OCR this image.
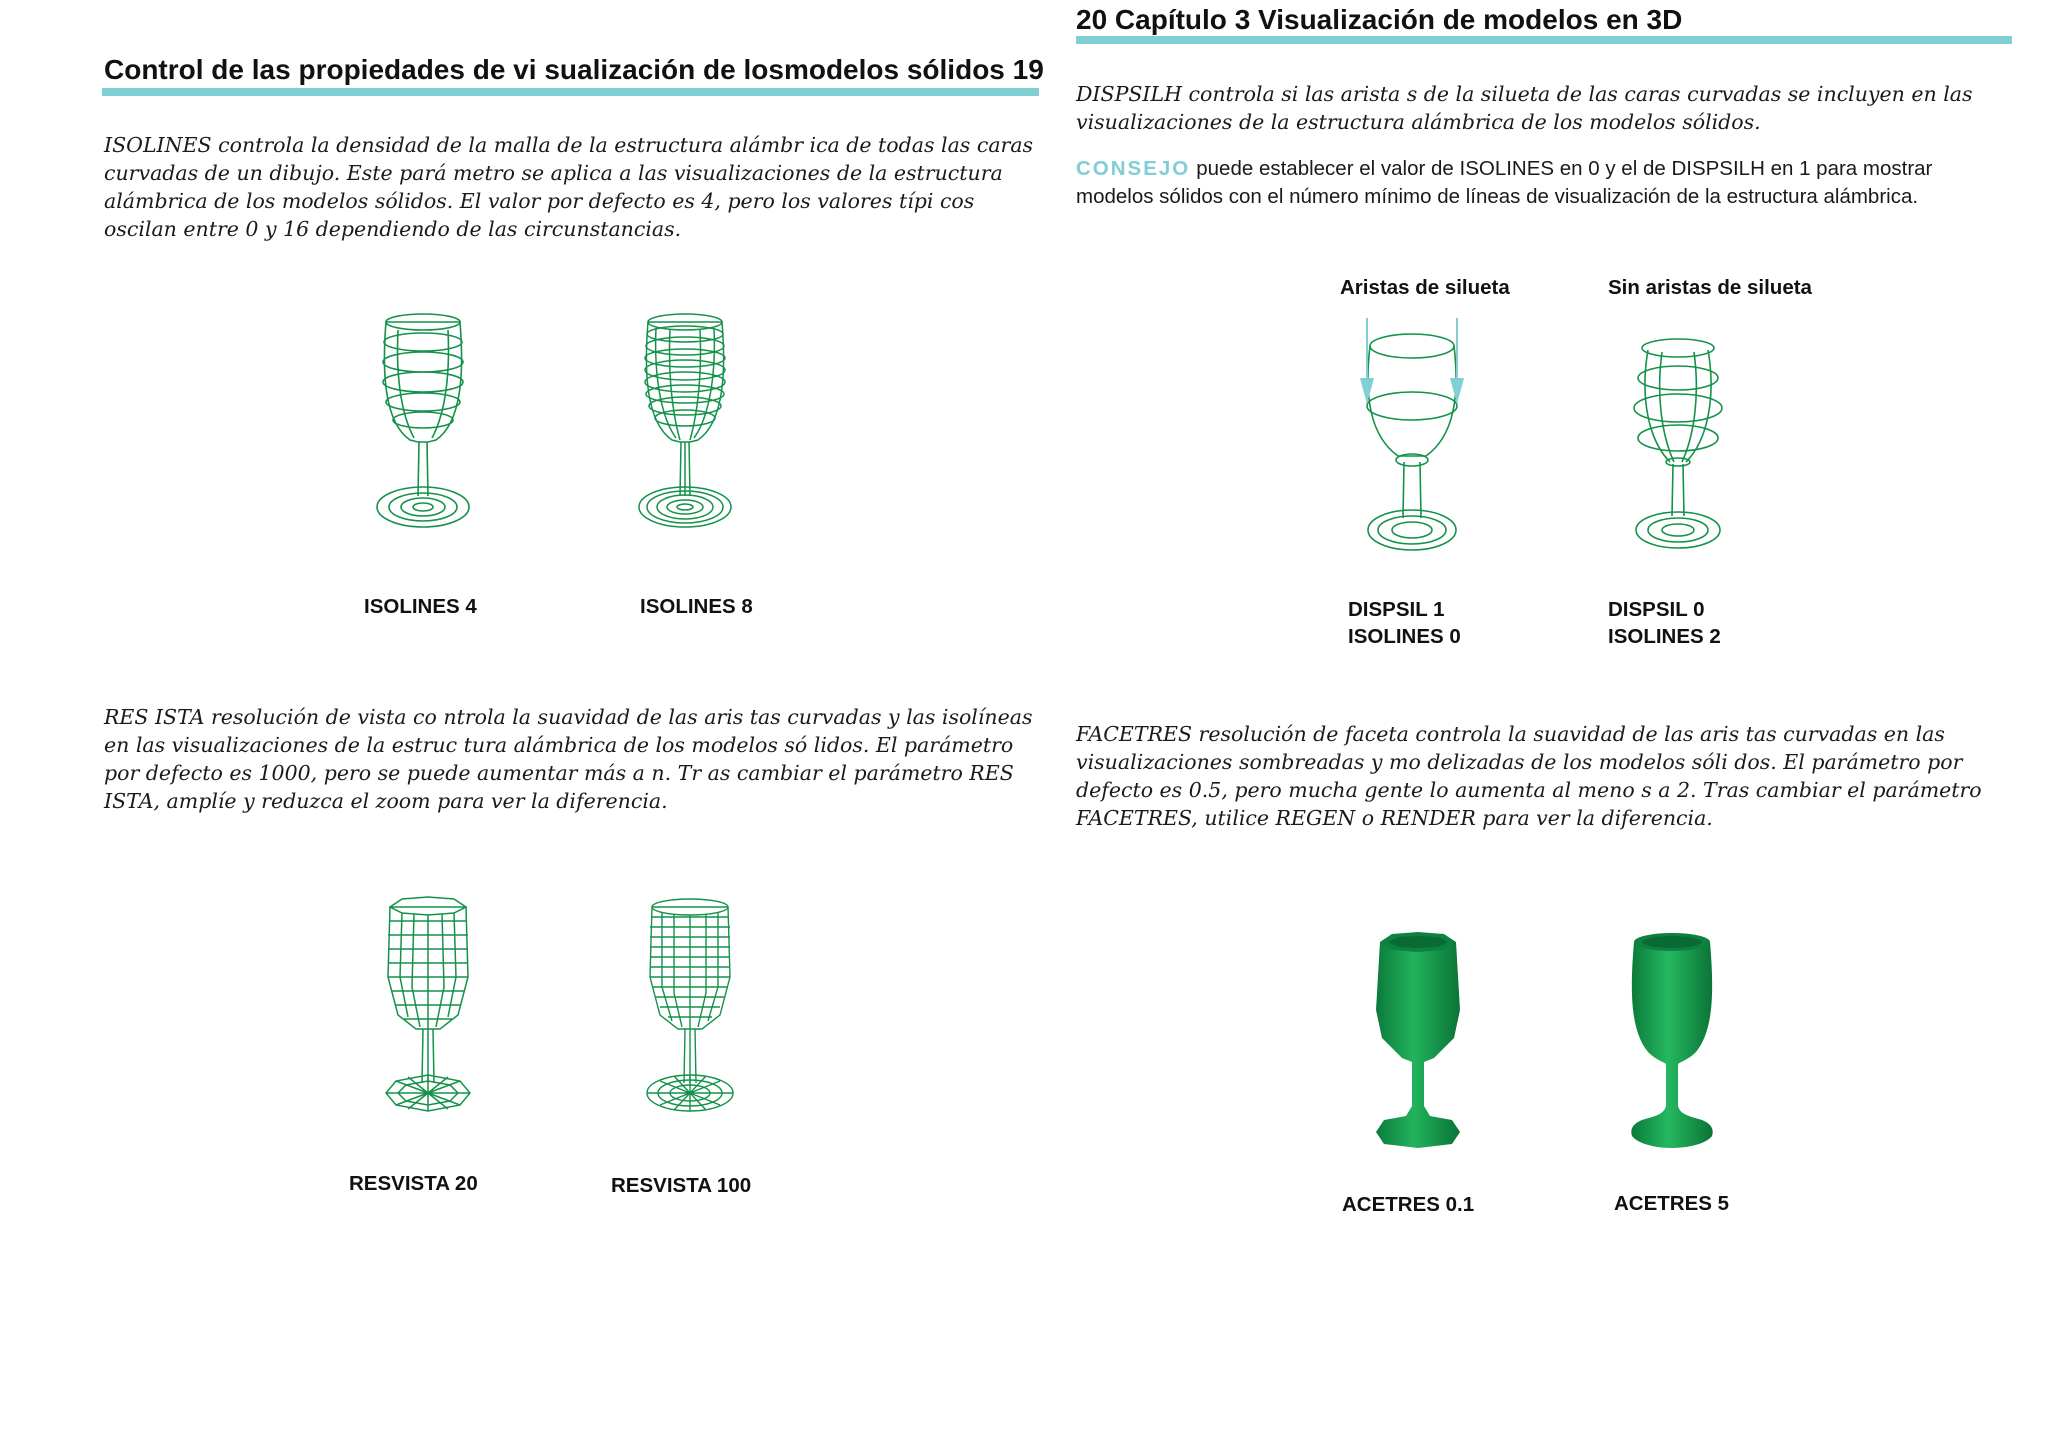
Control de las propiedades de vi sualización de losmodelos sólidos 19

ISOLINES controla la densidad de la malla de la estructura alámbr ica de todas las caras curvadas de un dibujo. Este pará metro se aplica a las visualizaciones de la estructura alámbrica de los modelos sólidos. El valor por defecto es 4, pero los valores típi cos oscilan entre 0 y 16 dependiendo de las circunstancias.

ISOLINES 4	ISOLINES 8

RES ISTA resolución de vista co ntrola la suavidad de las aris tas curvadas y las isolíneas en las visualizaciones de la estruc tura alámbrica de los modelos só lidos. El parámetro por defecto es 1000, pero se puede aumentar más a n. Tr as cambiar el parámetro RES ISTA, amplíe y reduzca el zoom para ver la diferencia.

RESVISTA 20	RESVISTA 100
20 Capítulo 3 Visualización de modelos en 3D

DISPSILH controla si las arista s de la silueta de las caras curvadas se incluyen en las visualizaciones de la estructura alámbrica de los modelos sólidos.

CONSEJO puede establecer el valor de ISOLINES en 0 y el de DISPSILH en 1 para mostrar modelos sólidos con el número mínimo de líneas de visualización de la estructura alámbrica.

Aristas de silueta	Sin aristas de silueta
DISPSIL 1
ISOLINES 0
DISPSIL 0
ISOLINES 2

FACETRES resolución de faceta controla la suavidad de las aris tas curvadas en las visualizaciones sombreadas y mo delizadas de los modelos sóli dos. El parámetro por defecto es 0.5, pero mucha gente lo aumenta al meno s a 2. Tras cambiar el parámetro FACETRES, utilice REGEN o RENDER para ver la diferencia.

ACETRES 0.1	ACETRES 5
